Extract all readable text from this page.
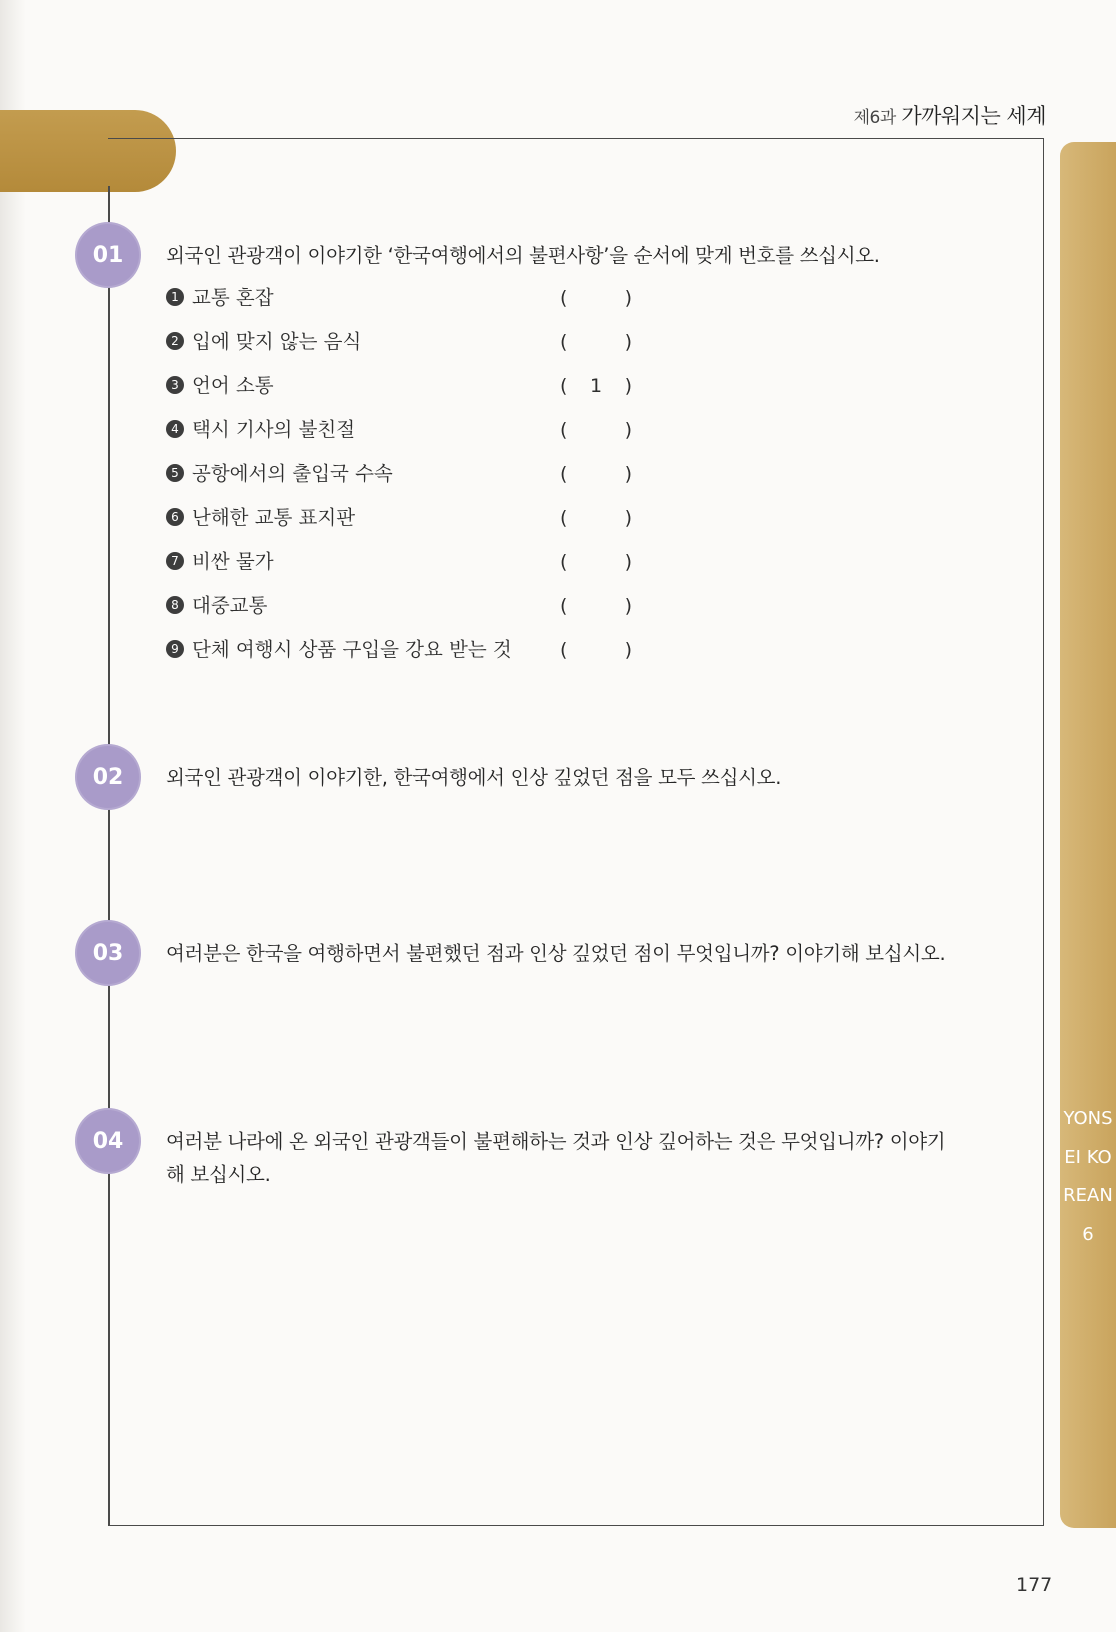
제6과 가까워지는 세계
YONSEI KOREAN 6
01	외국인 관광객이 이야기한 ‘한국여행에서의 불편사항’을 순서에 맞게 번호를 쓰십시오.
1 교통 혼잡	(	)
2 입에 맞지 않는 음식	(	)
3 언어 소통	( 1 )
4 택시 기사의 불친절	(	)
5 공항에서의 출입국 수속	(	)
6 난해한 교통 표지판	(	)
7 비싼 물가	(	)
8 대중교통	(	)
9 단체 여행시 상품 구입을 강요 받는 것	(	)
02	외국인 관광객이 이야기한, 한국여행에서 인상 깊었던 점을 모두 쓰십시오.
03	여러분은 한국을 여행하면서 불편했던 점과 인상 깊었던 점이 무엇입니까? 이야기해 보십시오.
04	여러분 나라에 온 외국인 관광객들이 불편해하는 것과 인상 깊어하는 것은 무엇입니까? 이야기
해 보십시오.
177
